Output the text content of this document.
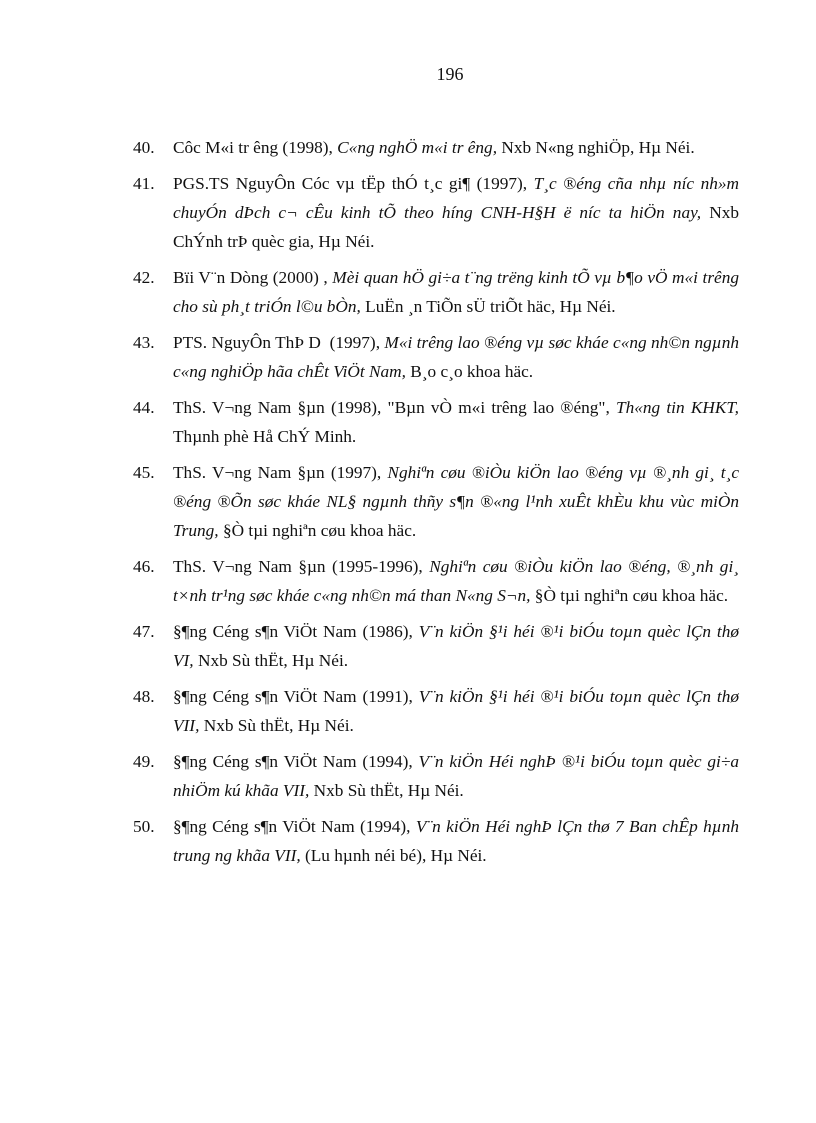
196
40. Côc M«i tr êng (1998), C«ng nghÖ m«i tr êng, Nxb N«ng nghiÖp, Hµ Néi.
41. PGS.TS NguyÔn Cóc vµ tËp thÓ t¸c gi¶ (1997), T¸c ®éng cña nhµ níc nh»m chuyÓn dÞch c¬ cÊu kinh tÕ theo híng CNH-H§H ë níc ta hiÖn nay, Nxb ChÝnh trÞ quèc gia, Hµ Néi.
42. Bïi V¨n Dòng (2000) , Mèi quan hÖ gi÷a t¨ng trëng kinh tÕ vµ b¶o vÖ m«i trêng cho sù ph¸t triÓn l©u bÒn, LuËn ¸n TiÕn sÜ triÕt häc, Hµ Néi.
43. PTS. NguyÔn ThÞ D  (1997), M«i trêng lao ®éng vµ søc kháe c«ng nh©n ngµnh c«ng nghiÖp hãa chÊt ViÖt Nam, B¸o c¸o khoa häc.
44. ThS. V¬ng Nam §µn (1998), "Bµn vÒ m«i trêng lao ®éng", Th«ng tin KHKT, Thµnh phè Hå ChÝ Minh.
45. ThS. V¬ng Nam §µn (1997), Nghiªn cøu ®iÒu kiÖn lao ®éng vµ ®¸nh gi¸ t¸c ®éng ®Õn søc kháe NL§ ngµnh thñy s¶n ®«ng l¹nh xuÊt khÈu khu vùc miÒn Trung, §Ò tµi nghiªn cøu khoa häc.
46. ThS. V¬ng Nam §µn (1995-1996), Nghiªn cøu ®iÒu kiÖn lao ®éng, ®¸nh gi¸ t×nh tr¹ng søc kháe c«ng nh©n má than N«ng S¬n, §Ò tµi nghiªn cøu khoa häc.
47. §¶ng Céng s¶n ViÖt Nam (1986), V¨n kiÖn §¹i héi ®¹i biÓu toµn quèc lÇn thø VI, Nxb Sù thËt, Hµ Néi.
48. §¶ng Céng s¶n ViÖt Nam (1991), V¨n kiÖn §¹i héi ®¹i biÓu toµn quèc lÇn thø VII, Nxb Sù thËt, Hµ Néi.
49. §¶ng Céng s¶n ViÖt Nam (1994), V¨n kiÖn Héi nghÞ ®¹i biÓu toµn quèc gi÷a nhiÖm kú khãa VII, Nxb Sù thËt, Hµ Néi.
50. §¶ng Céng s¶n ViÖt Nam (1994), V¨n kiÖn Héi nghÞ lÇn thø 7 Ban chÊp hµnh trung ng khãa VII, (Lu hµnh néi bé), Hµ Néi.
